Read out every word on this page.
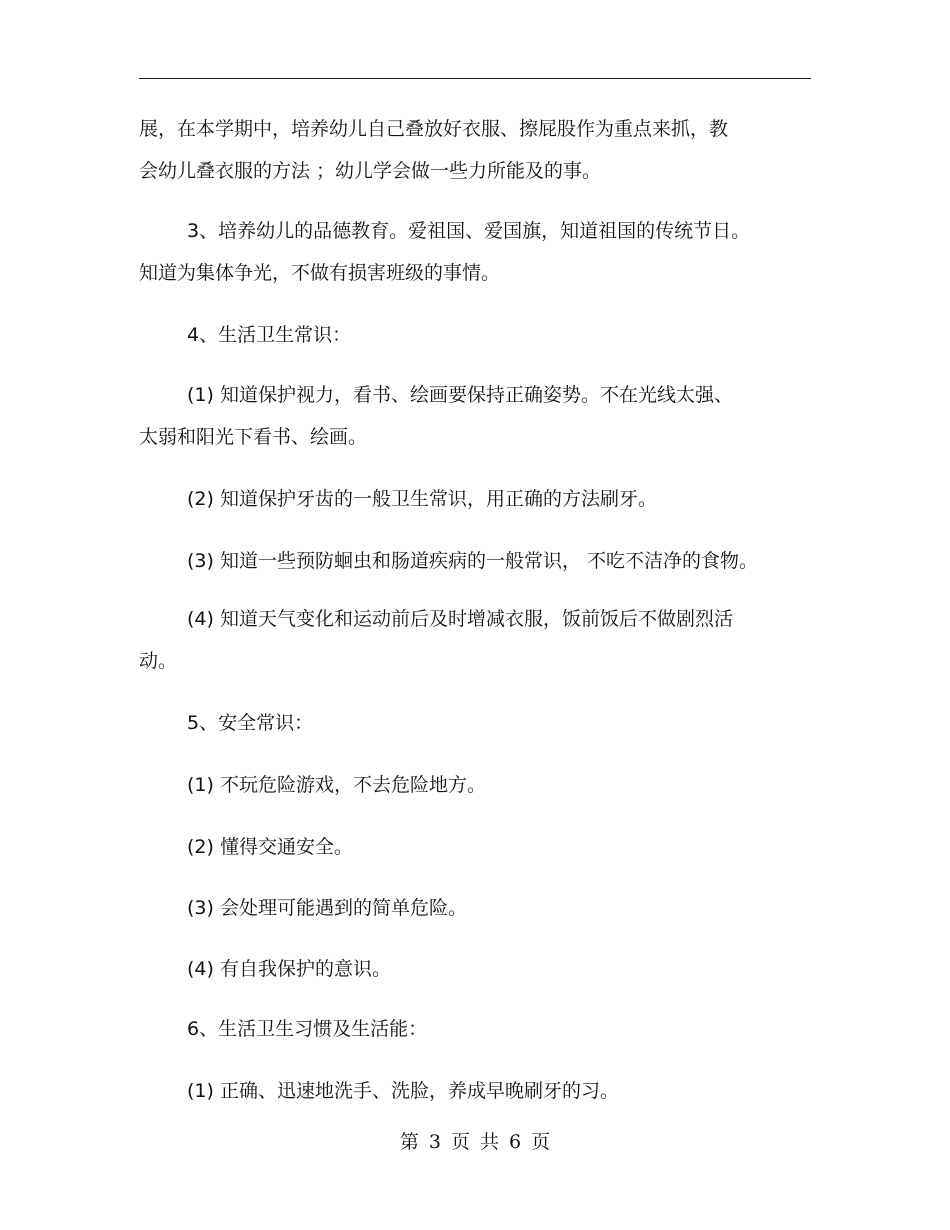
展，在本学期中，培养幼儿自己叠放好衣服、擦屁股作为重点来抓，教
会幼儿叠衣服的方法 ；幼儿学会做一些力所能及的事。
3、培养幼儿的品德教育。爱祖国、爱国旗，知道祖国的传统节日。
知道为集体争光，不做有损害班级的事情。
4、生活卫生常识：
(1) 知道保护视力，看书、绘画要保持正确姿势。不在光线太强、
太弱和阳光下看书、绘画。
(2) 知道保护牙齿的一般卫生常识，用正确的方法刷牙。
(3) 知道一些预防蛔虫和肠道疾病的一般常识， 不吃不洁净的食物。
(4) 知道天气变化和运动前后及时增减衣服，饭前饭后不做剧烈活
动。
5、安全常识：
(1) 不玩危险游戏，不去危险地方。
(2) 懂得交通安全。
(3) 会处理可能遇到的简单危险。
(4) 有自我保护的意识。
6、生活卫生习惯及生活能：
(1) 正确、迅速地洗手、洗脸，养成早晚刷牙的习。
第 3 页 共 6 页
